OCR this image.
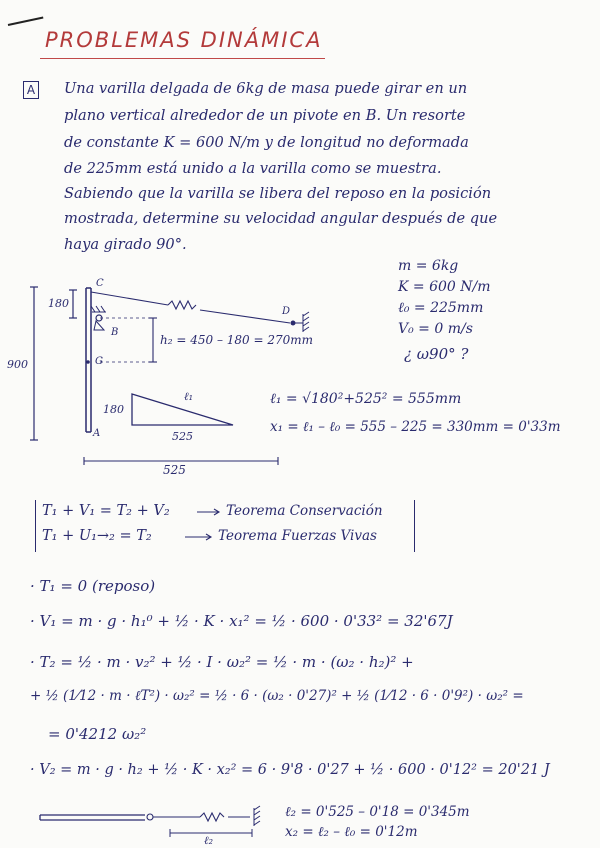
PROBLEMAS DINÁMICA
A Una varilla delgada de 6kg de masa puede girar en un
plano vertical alrededor de un pivote en B. Un resorte
de constante K = 600 N/m y de longitud no deformada
de 225mm está unido a la varilla como se muestra.
Sabiendo que la varilla se libera del reposo en la posición
mostrada, determine su velocidad angular después de que
haya girado 90°.
m = 6kg
K = 600 N/m
ℓ₀ = 225mm
V₀ = 0 m/s
¿ ω90° ?
C
B
D
G
A
180
900
h₂ = 450 – 180 = 270mm
180
ℓ₁
525
525
ℓ₁ = √180²+525² = 555mm
x₁ = ℓ₁ – ℓ₀ = 555 – 225 = 330mm = 0'33m
T₁ + V₁ = T₂ + V₂	Teorema Conservación
T₁ + U₁→₂ = T₂	Teorema Fuerzas Vivas
· T₁ = 0 (reposo)
· V₁ = m · g · h₁⁰ + ½ · K · x₁² = ½ · 600 · 0'33² = 32'67J
· T₂ = ½ · m · v₂² + ½ · I · ω₂² = ½ · m · (ω₂ · h₂)² +
+ ½ (1⁄12 · m · ℓT²) · ω₂² = ½ · 6 · (ω₂ · 0'27)² + ½ (1⁄12 · 6 · 0'9²) · ω₂² =
= 0'4212 ω₂²
· V₂ = m · g · h₂ + ½ · K · x₂² = 6 · 9'8 · 0'27 + ½ · 600 · 0'12² = 20'21 J
ℓ₂ = 0'525 – 0'18 = 0'345m
x₂ = ℓ₂ – ℓ₀ = 0'12m
ℓ₂
